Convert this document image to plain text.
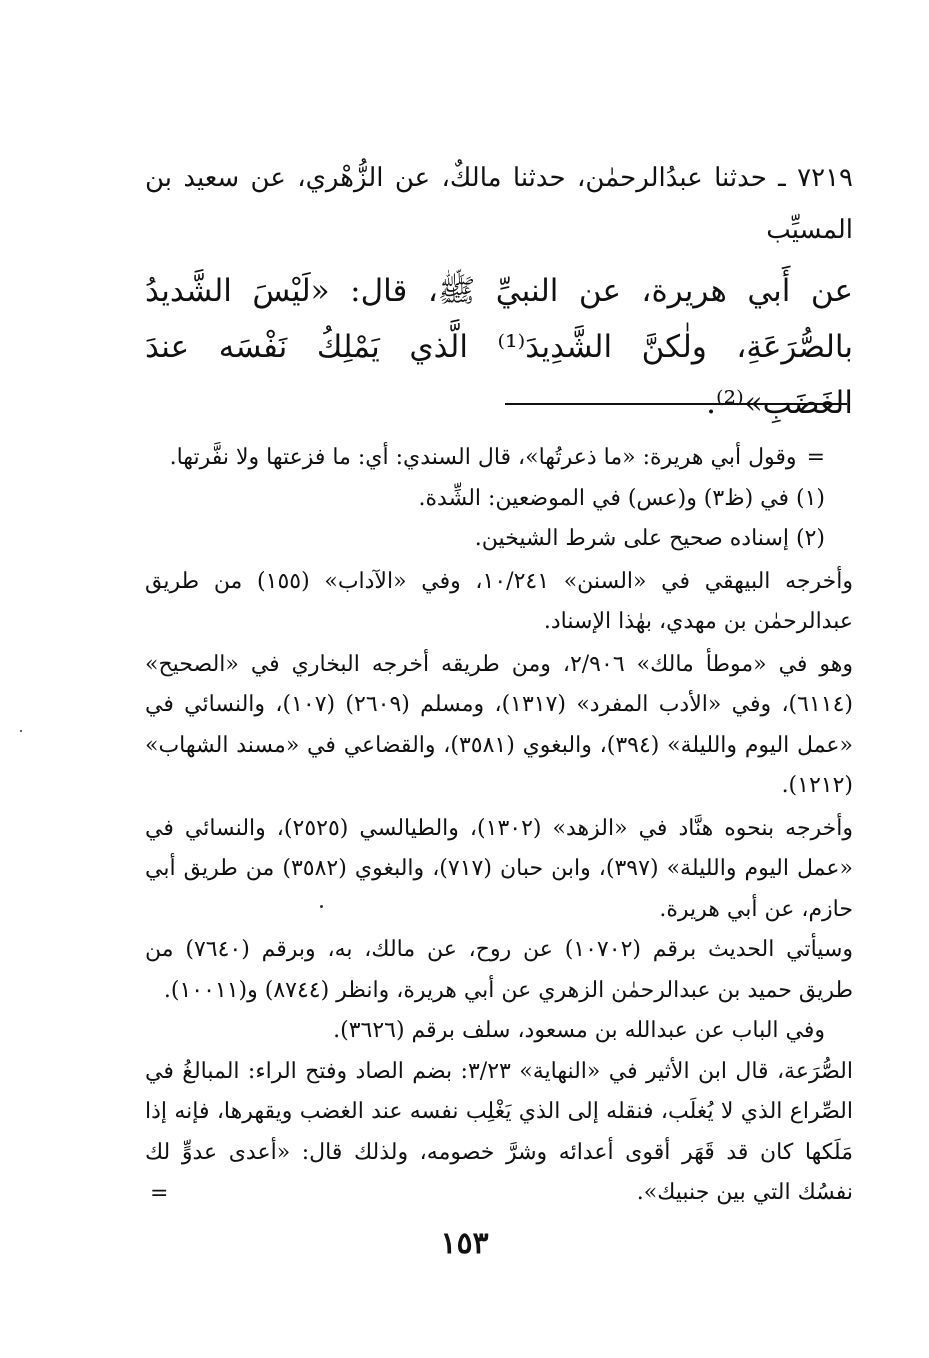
٧٢١٩ ـ حدثنا عبدُالرحمٰن، حدثنا مالكٌ، عن الزُّهْري، عن سعيد بن المسيِّب
عن أَبي هريرة، عن النبيِّ ﷺ، قال: «لَيْسَ الشَّديدُ بالصُّرَعَةِ، ولٰكنَّ الشَّدِيدَ⁽¹⁾ الَّذي يَمْلِكُ نَفْسَه عندَ الغَضَبِ»⁽²⁾.

=وقول أبي هريرة: «ما ذعرتُها»، قال السندي: أي: ما فزعتها ولا نفَّرتها.

(١) في (ظ٣) و(عس) في الموضعين: الشِّدة.

(٢) إسناده صحيح على شرط الشيخين.

وأخرجه البيهقي في «السنن» ١٠/٢٤١، وفي «الآداب» (١٥٥) من طريق عبدالرحمٰن بن مهدي، بهٰذا الإسناد.

وهو في «موطأ مالك» ٢/٩٠٦، ومن طريقه أخرجه البخاري في «الصحيح» (٦١١٤)، وفي «الأدب المفرد» (١٣١٧)، ومسلم (٢٦٠٩) (١٠٧)، والنسائي في «عمل اليوم والليلة» (٣٩٤)، والبغوي (٣٥٨١)، والقضاعي في «مسند الشهاب» (١٢١٢).

وأخرجه بنحوه هنَّاد في «الزهد» (١٣٠٢)، والطيالسي (٢٥٢٥)، والنسائي في «عمل اليوم والليلة» (٣٩٧)، وابن حبان (٧١٧)، والبغوي (٣٥٨٢) من طريق أبي حازم، عن أبي هريرة.

وسيأتي الحديث برقم (١٠٧٠٢) عن روح، عن مالك، به، وبرقم (٧٦٤٠) من طريق حميد بن عبدالرحمٰن الزهري عن أبي هريرة، وانظر (٨٧٤٤) و(١٠٠١١).

وفي الباب عن عبدالله بن مسعود، سلف برقم (٣٦٢٦).

الصُّرَعة، قال ابن الأثير في «النهاية» ٣/٢٣: بضم الصاد وفتح الراء: المبالغُ في الصِّراع الذي لا يُغلَب، فنقله إلى الذي يَغْلِب نفسه عند الغضب ويقهرها، فإنه إذا مَلَكها كان قد قَهَر أقوى أعدائه وشرَّ خصومه، ولذلك قال: «أعدى عدوٍّ لك نفسُك التي بين جنبيك».

=
١٥٣
